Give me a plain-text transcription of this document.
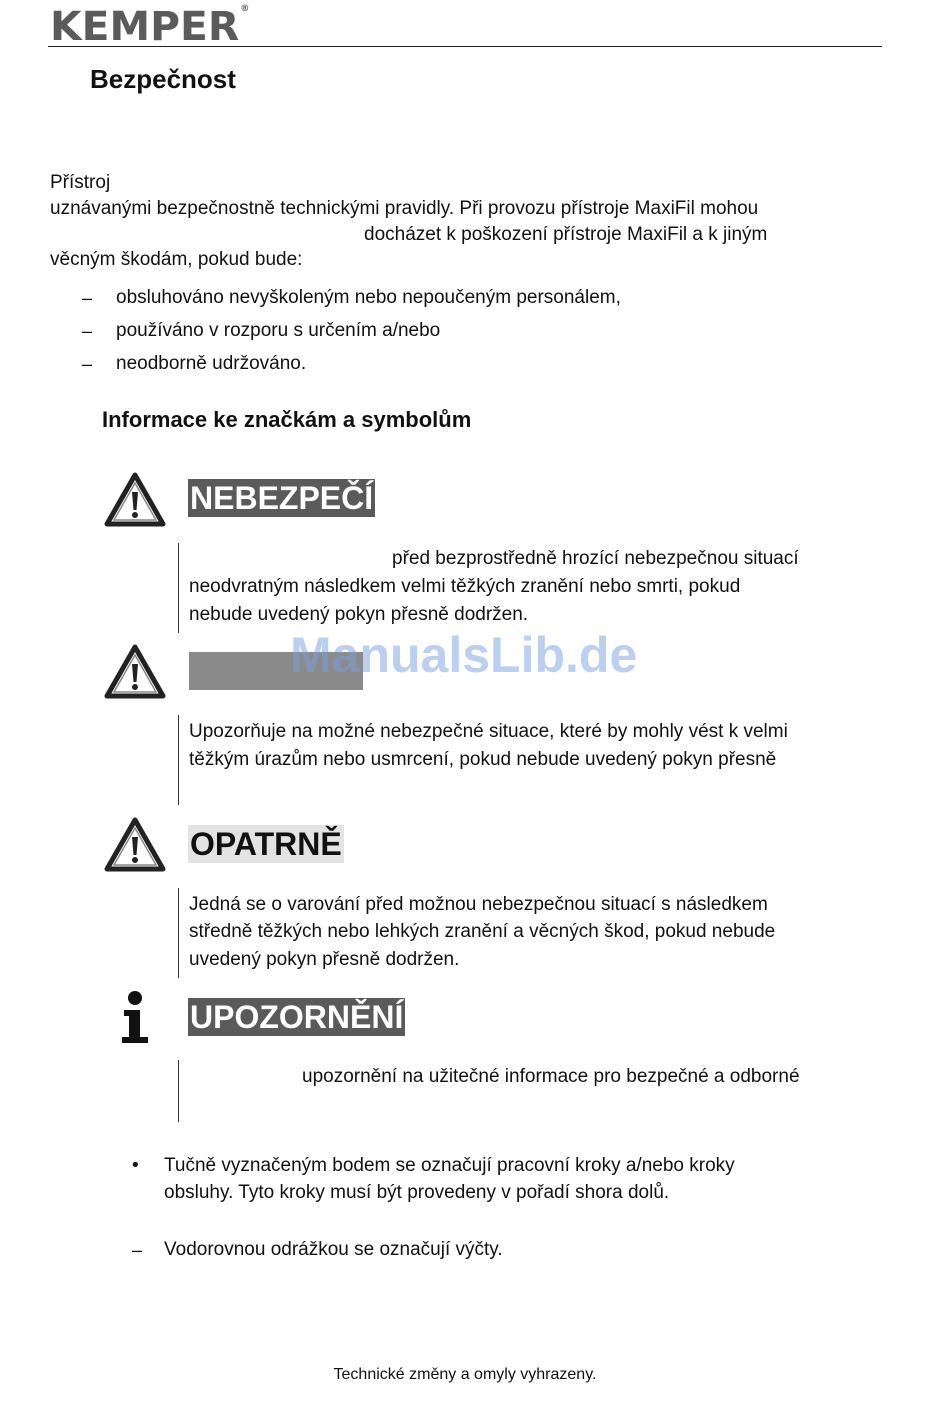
KEMPER®
Bezpečnost
Přístroj
uznávanými bezpečnostně technickými pravidly. Při provozu přístroje MaxiFil mohou
docházet k poškození přístroje MaxiFil a k jiným
věcným škodám, pokud bude:
– obsluhováno nevyškoleným nebo nepoučeným personálem,
– používáno v rozporu s určením a/nebo
– neodborně udržováno.
Informace ke značkám a symbolům
NEBEZPEČÍ
před bezprostředně hrozící nebezpečnou situací
neodvratným následkem velmi těžkých zranění nebo smrti, pokud
nebude uvedený pokyn přesně dodržen.
Upozorňuje na možné nebezpečné situace, které by mohly vést k velmi
těžkým úrazům nebo usmrcení, pokud nebude uvedený pokyn přesně
ManualsLib.de
OPATRNĚ
Jedná se o varování před možnou nebezpečnou situací s následkem
středně těžkých nebo lehkých zranění a věcných škod, pokud nebude
uvedený pokyn přesně dodržen.
UPOZORNĚNÍ
upozornění na užitečné informace pro bezpečné a odborné
• Tučně vyznačeným bodem se označují pracovní kroky a/nebo kroky
obsluhy. Tyto kroky musí být provedeny v pořadí shora dolů.
– Vodorovnou odrážkou se označují výčty.
Technické změny a omyly vyhrazeny.
